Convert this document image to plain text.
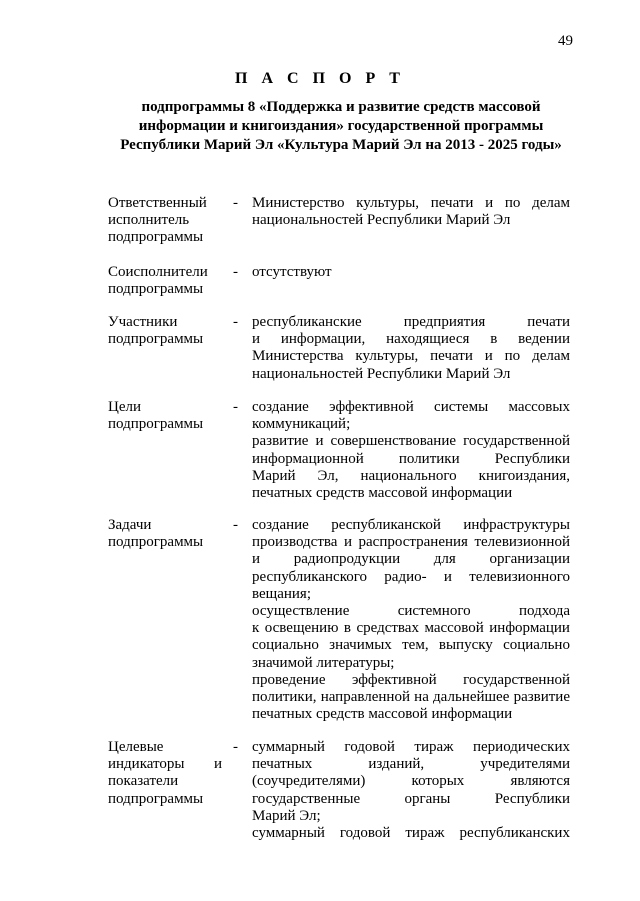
49
П А С П О Р Т
подпрограммы 8 «Поддержка и развитие средств массовой
информации и книгоиздания» государственной программы
Республики Марий Эл «Культура Марий Эл на 2013 - 2025 годы»
Ответственный
исполнитель
подпрограммы
- Министерство культуры, печати и по делам
национальностей Республики Марий Эл
Соисполнители
подпрограммы
- отсутствуют
Участники
подпрограммы
- республиканские	предприятия	печати
и информации, находящиеся в ведении
Министерства культуры, печати и по делам
национальностей Республики Марий Эл
Цели
подпрограммы
- создание эффективной системы массовых
коммуникаций;
развитие и совершенствование государственной
информационной политики Республики
Марий Эл, национального книгоиздания,
печатных средств массовой информации
Задачи
подпрограммы
- создание республиканской инфраструктуры
производства и распространения телевизионной
и радиопродукции для организации
республиканского радио- и телевизионного
вещания;
осуществление	системного	подхода
к освещению в средствах массовой информации
социально значимых тем, выпуску социально
значимой литературы;
проведение эффективной государственной
политики, направленной на дальнейшее развитие
печатных средств массовой информации
Целевые
индикаторы и
показатели
подпрограммы
- суммарный годовой тираж периодических
печатных	изданий,	учредителями
(соучредителями)	которых	являются
государственные	органы	Республики
Марий Эл;
суммарный годовой тираж республиканских
